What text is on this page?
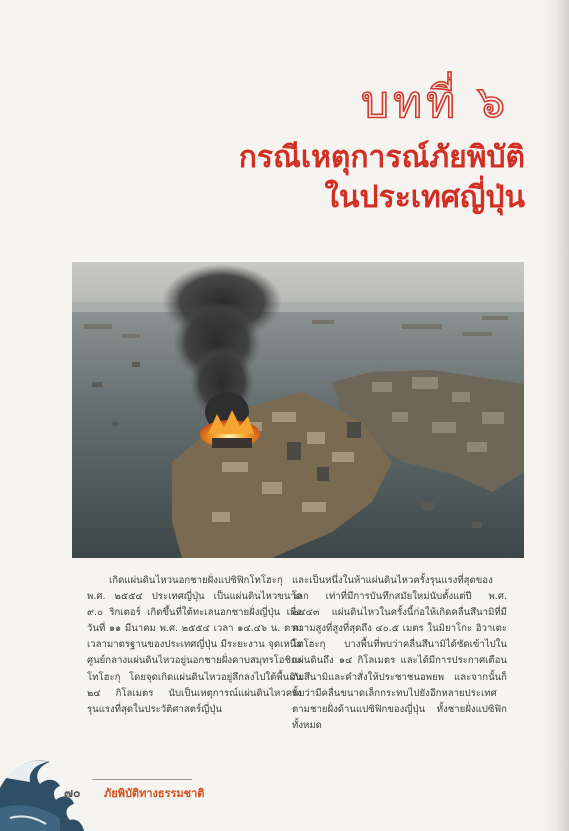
บทที่ ๖
กรณีเหตุการณ์ภัยพิบัติ
ในประเทศญี่ปุ่น

เกิดแผ่นดินไหวนอกชายฝั่งแปซิฟิกโทโฮะกุ พ.ศ. ๒๕๕๔ ประเทศญี่ปุ่น เป็นแผ่นดินไหวขนาด ๙.๐ ริกเตอร์ เกิดขึ้นที่ใต้ทะเลนอกชายฝั่งญี่ปุ่น เมื่อวันที่ ๑๑ มีนาคม พ.ศ. ๒๕๕๔ เวลา ๑๔.๔๖ น. ตามเวลามาตรฐานของประเทศญี่ปุ่น มีระยะงาน จุดเหนือศูนย์กลางแผ่นดินไหวอยู่นอกชายฝั่งคาบสมุทรโอชิกะ โทโฮะกุ โดยจุดเกิดแผ่นดินไหวอยู่ลึกลงไปใต้พื้นดิน ๒๔ กิโลเมตร นับเป็นเหตุการณ์แผ่นดินไหวครั้งรุนแรงที่สุดในประวัติศาสตร์ญี่ปุ่น

และเป็นหนึ่งในห้าแผ่นดินไหวครั้งรุนแรงที่สุดของโลก เท่าที่มีการบันทึกสมัยใหม่นับตั้งแต่ปี พ.ศ. ๒๔๔๓ แผ่นดินไหวในครั้งนี้ก่อให้เกิดคลื่นสึนามิที่มีความสูงที่สูงที่สุดถึง ๔๐.๕ เมตร ในมิยาโกะ อิวาเตะ โทโฮะกุ บางพื้นที่พบว่าคลื่นสึนามิได้ซัดเข้าไปในแผ่นดินถึง ๑๔ กิโลเมตร และได้มีการประกาศเตือนภัยสึนามิและคำสั่งให้ประชาชนอพยพ และจากนั้นก็พบว่ามีคลื่นขนาดเล็กกระทบไปยังอีกหลายประเทศ ตามชายฝั่งด้านแปซิฟิกของญี่ปุ่น ทั้งชายฝั่งแปซิฟิกทั้งหมด

๗๐ ภัยพิบัติทางธรรมชาติ
